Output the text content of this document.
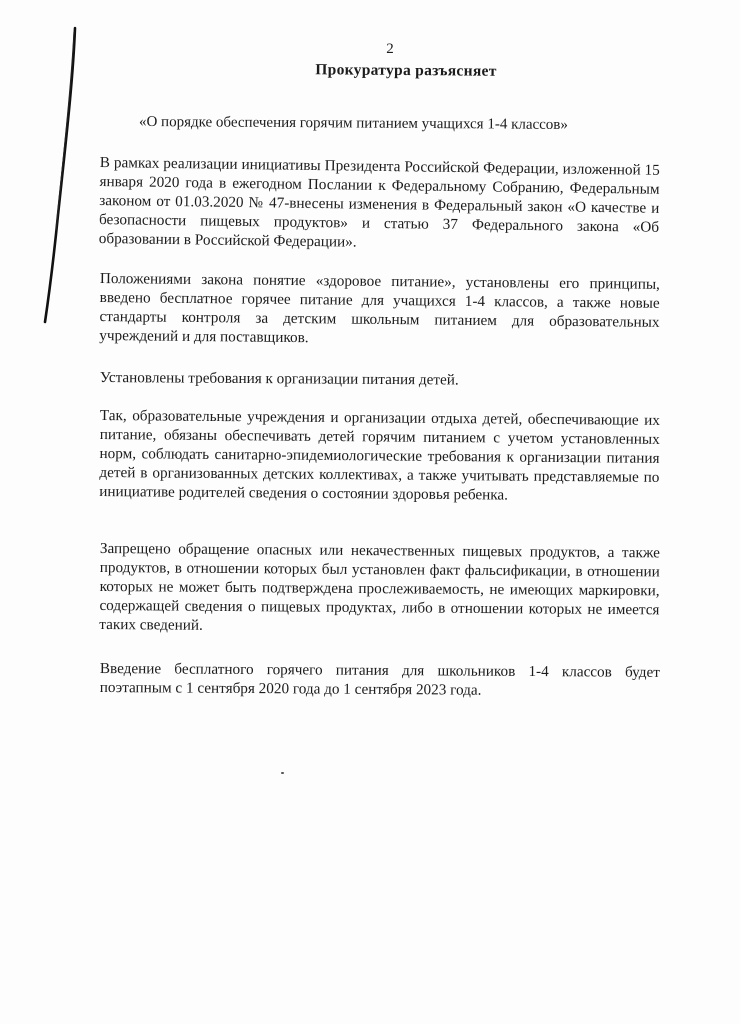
2
Прокуратура разъясняет
«О порядке обеспечения горячим питанием учащихся 1-4 классов»

В рамках реализации инициативы Президента Российской Федерации, изложенной 15 января 2020 года в ежегодном Послании к Федеральному Собранию, Федеральным законом от 01.03.2020 № 47-внесены изменения в Федеральный закон «О качестве и безопасности пищевых продуктов» и статью 37 Федерального закона «Об образовании в Российской Федерации».

Положениями закона понятие «здоровое питание», установлены его принципы, введено бесплатное горячее питание для учащихся 1-4 классов, а также новые стандарты контроля за детским школьным питанием для образовательных учреждений и для поставщиков.

Установлены требования к организации питания детей.

Так, образовательные учреждения и организации отдыха детей, обеспечивающие их питание, обязаны обеспечивать детей горячим питанием с учетом установленных норм, соблюдать санитарно-эпидемиологические требования к организации питания детей в организованных детских коллективах, а также учитывать представляемые по инициативе родителей сведения о состоянии здоровья ребенка.

Запрещено обращение опасных или некачественных пищевых продуктов, а также продуктов, в отношении которых был установлен факт фальсификации, в отношении которых не может быть подтверждена прослеживаемость, не имеющих маркировки, содержащей сведения о пищевых продуктах, либо в отношении которых не имеется таких сведений.

Введение бесплатного горячего питания для школьников 1-4 классов будет поэтапным с 1 сентября 2020 года до 1 сентября 2023 года.
